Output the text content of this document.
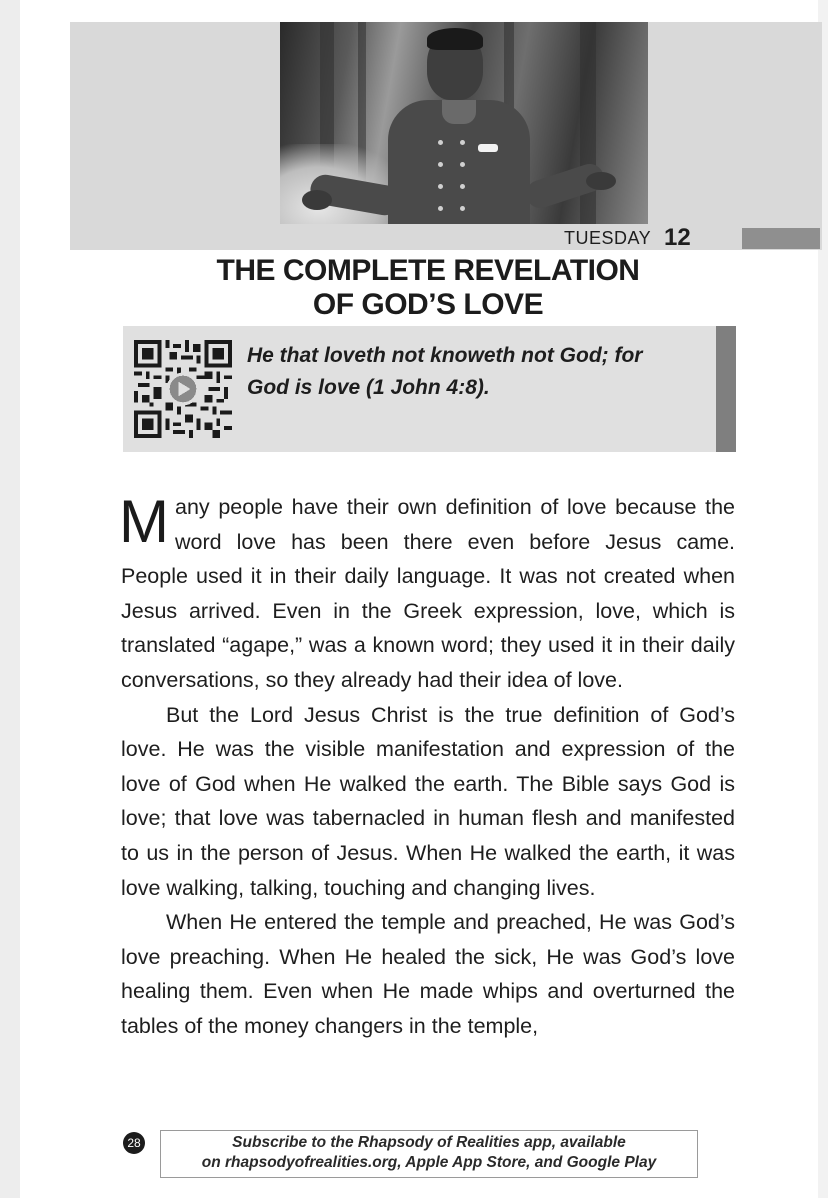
TUESDAY 12
THE COMPLETE REVELATION
OF GOD’S LOVE
He that loveth not knoweth not God; for
God is love (1 John 4:8).

Many people have their own definition of love because the word love has been there even before Jesus came. People used it in their daily language. It was not created when Jesus arrived. Even in the Greek expression, love, which is translated “agape,” was a known word; they used it in their daily conversations, so they already had their idea of love.

But the Lord Jesus Christ is the true definition of God’s love. He was the visible manifestation and expression of the love of God when He walked the earth. The Bible says God is love; that love was tabernacled in human flesh and manifested to us in the person of Jesus. When He walked the earth, it was love walking, talking, touching and changing lives.

When He entered the temple and preached, He was God’s love preaching. When He healed the sick, He was God’s love healing them. Even when He made whips and overturned the tables of the money changers in the temple,

28	Subscribe to the Rhapsody of Realities app, available
on rhapsodyofrealities.org, Apple App Store, and Google Play
